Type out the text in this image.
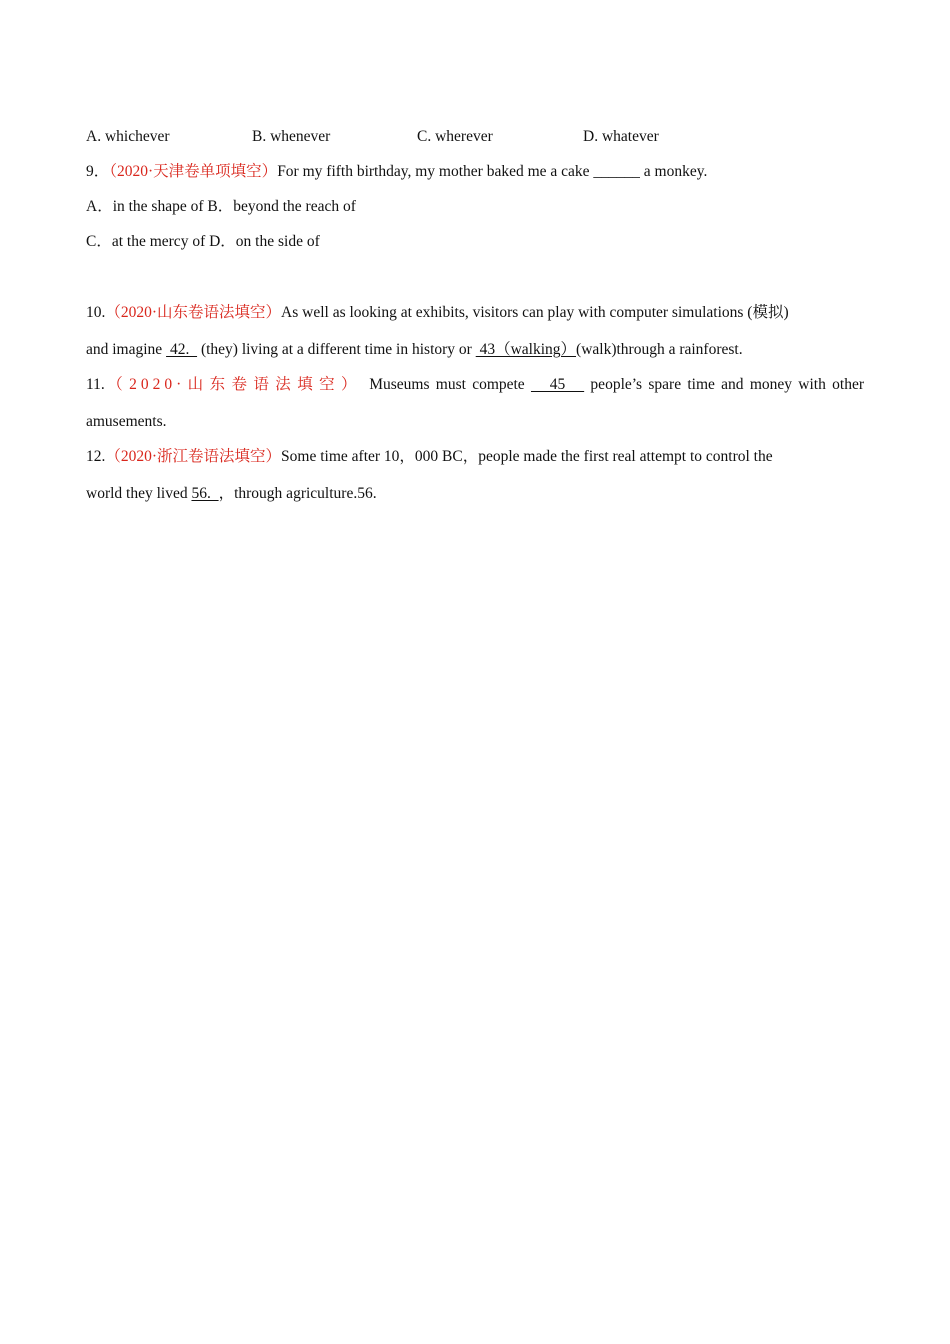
A. whichever	B. whenever	C. wherever	D. whatever
9．（2020·天津卷单项填空）For my fifth birthday, my mother baked me a cake ______ a monkey.
A．in the shape of B．beyond the reach of
C．at the mercy of D．on the side of
10.（2020·山东卷语法填空）As well as looking at exhibits, visitors can play with computer simulations (模拟)
and imagine  42.   (they) living at a different time in history or  43（walking）(walk)through a rainforest.
11.（2020·山东卷语法填空） Museums must compete    45    people’s spare time and money with other
amusements.
12.（2020·浙江卷语法填空）Some time after 10，000 BC，people made the first real attempt to control the
world they lived 56.  ，through agriculture.56.
